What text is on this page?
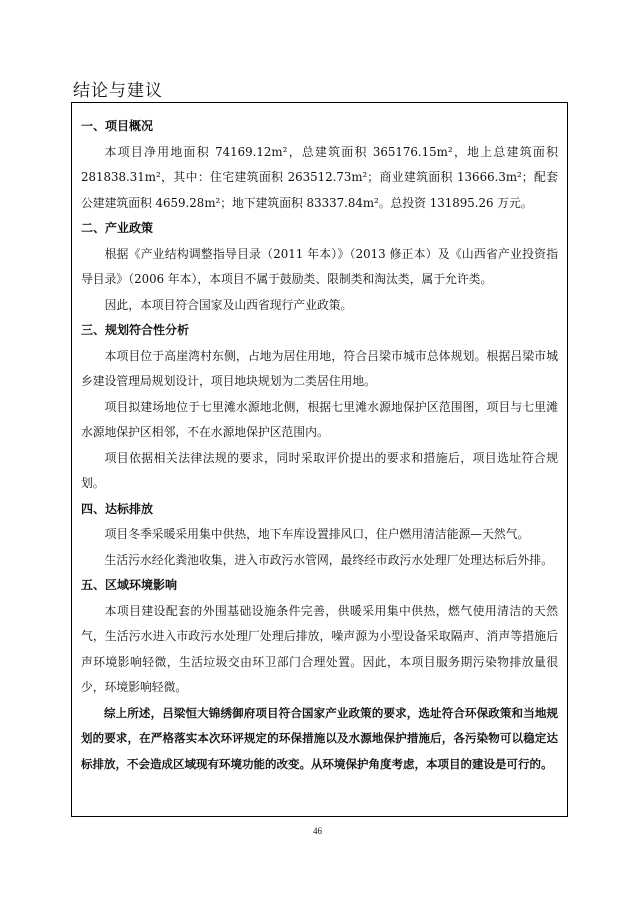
结论与建议

一、项目概况

本项目净用地面积 74169.12m²，总建筑面积 365176.15m²，地上总建筑面积 281838.31m²，其中：住宅建筑面积 263512.73m²；商业建筑面积 13666.3m²；配套公建建筑面积 4659.28m²；地下建筑面积 83337.84m²。总投资 131895.26 万元。

二、产业政策

根据《产业结构调整指导目录（2011 年本）》（2013 修正本）及《山西省产业投资指导目录》（2006 年本），本项目不属于鼓励类、限制类和淘汰类，属于允许类。

因此，本项目符合国家及山西省现行产业政策。

三、规划符合性分析

本项目位于高崖湾村东侧，占地为居住用地，符合吕梁市城市总体规划。根据吕梁市城乡建设管理局规划设计，项目地块规划为二类居住用地。

项目拟建场地位于七里滩水源地北侧，根据七里滩水源地保护区范围图，项目与七里滩水源地保护区相邻，不在水源地保护区范围内。

项目依据相关法律法规的要求，同时采取评价提出的要求和措施后，项目选址符合规划。

四、达标排放

项目冬季采暖采用集中供热，地下车库设置排风口，住户燃用清洁能源—天然气。

生活污水经化粪池收集，进入市政污水管网，最终经市政污水处理厂处理达标后外排。

五、区域环境影响

本项目建设配套的外围基础设施条件完善，供暖采用集中供热，燃气使用清洁的天然气，生活污水进入市政污水处理厂处理后排放，噪声源为小型设备采取隔声、消声等措施后声环境影响轻微，生活垃圾交由环卫部门合理处置。因此，本项目服务期污染物排放量很少，环境影响轻微。

综上所述，吕梁恒大锦绣御府项目符合国家产业政策的要求，选址符合环保政策和当地规划的要求，在严格落实本次环评规定的环保措施以及水源地保护措施后，各污染物可以稳定达标排放，不会造成区域现有环境功能的改变。从环境保护角度考虑，本项目的建设是可行的。

46
